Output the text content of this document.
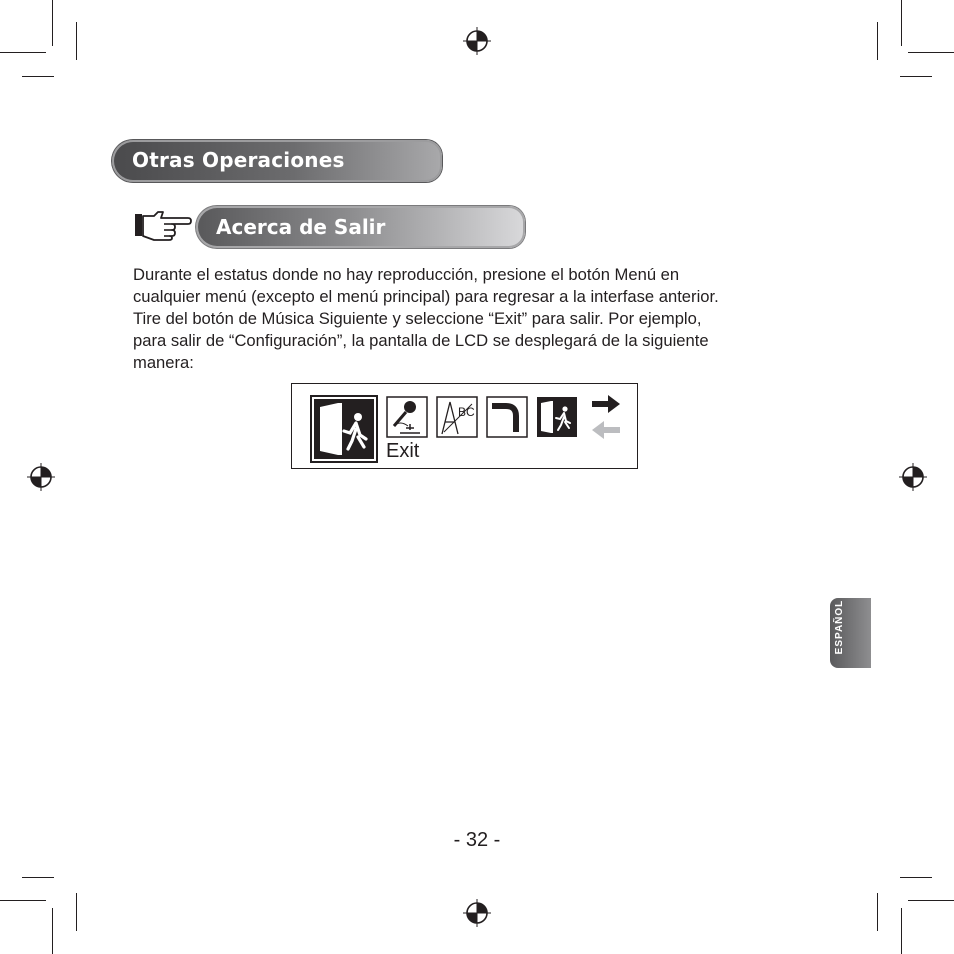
Otras Operaciones
Acerca de Salir
Durante el estatus donde no hay reproducción, presione el botón Menú en
cualquier menú (excepto el menú principal) para regresar a la interfase anterior.
Tire del botón de Música Siguiente y seleccione “Exit” para salir. Por ejemplo,
para salir de “Configuración”, la pantalla de LCD se desplegará de la siguiente
manera:
BC
Exit
ESPAÑOL
- 32 -
